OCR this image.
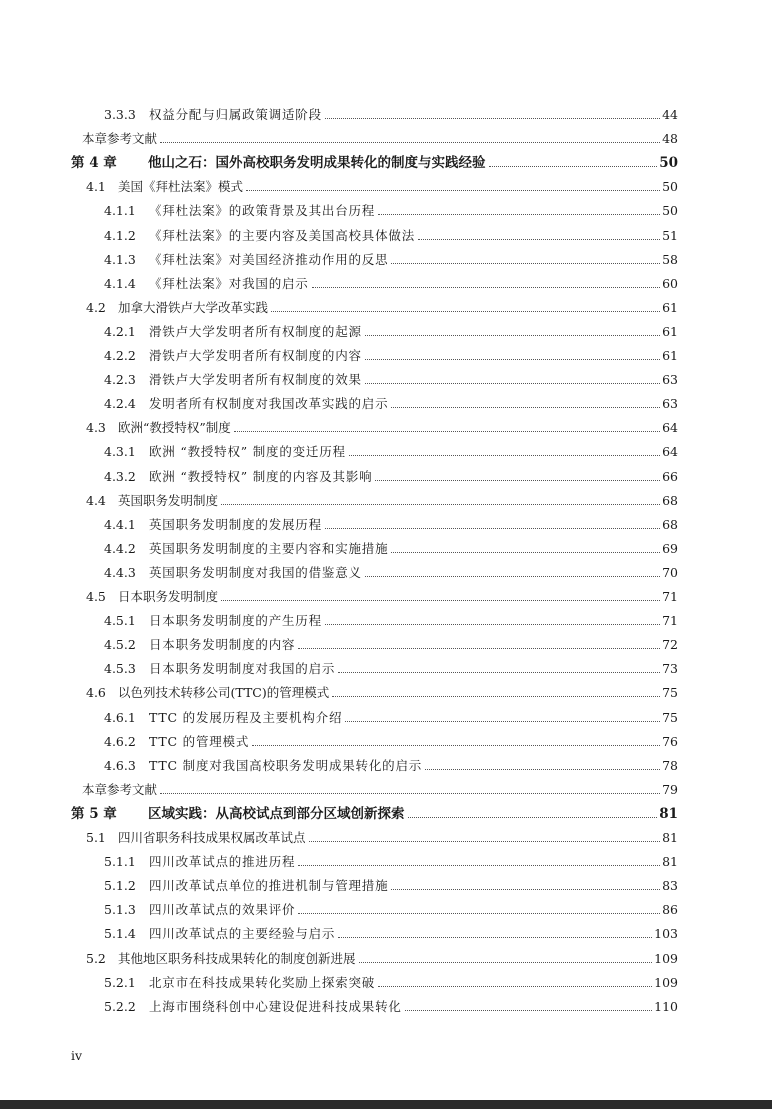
3.3.3	权益分配与归属政策调适阶段	44
本章参考文献	48
第 4 章	他山之石：国外高校职务发明成果转化的制度与实践经验	50
4.1 美国《拜杜法案》模式	50
4.1.1	《拜杜法案》的政策背景及其出台历程	50
4.1.2	《拜杜法案》的主要内容及美国高校具体做法	51
4.1.3	《拜杜法案》对美国经济推动作用的反思	58
4.1.4	《拜杜法案》对我国的启示	60
4.2 加拿大滑铁卢大学改革实践	61
4.2.1	滑铁卢大学发明者所有权制度的起源	61
4.2.2	滑铁卢大学发明者所有权制度的内容	61
4.2.3	滑铁卢大学发明者所有权制度的效果	63
4.2.4	发明者所有权制度对我国改革实践的启示	63
4.3 欧洲“教授特权”制度	64
4.3.1	欧洲 “教授特权” 制度的变迁历程	64
4.3.2	欧洲 “教授特权” 制度的内容及其影响	66
4.4 英国职务发明制度	68
4.4.1	英国职务发明制度的发展历程	68
4.4.2	英国职务发明制度的主要内容和实施措施	69
4.4.3	英国职务发明制度对我国的借鉴意义	70
4.5 日本职务发明制度	71
4.5.1	日本职务发明制度的产生历程	71
4.5.2	日本职务发明制度的内容	72
4.5.3	日本职务发明制度对我国的启示	73
4.6 以色列技术转移公司(TTC)的管理模式	75
4.6.1	TTC 的发展历程及主要机构介绍	75
4.6.2	TTC 的管理模式	76
4.6.3	TTC 制度对我国高校职务发明成果转化的启示	78
本章参考文献	79
第 5 章	区域实践：从高校试点到部分区域创新探索	81
5.1 四川省职务科技成果权属改革试点	81
5.1.1	四川改革试点的推进历程	81
5.1.2	四川改革试点单位的推进机制与管理措施	83
5.1.3	四川改革试点的效果评价	86
5.1.4	四川改革试点的主要经验与启示	103
5.2 其他地区职务科技成果转化的制度创新进展	109
5.2.1	北京市在科技成果转化奖励上探索突破	109
5.2.2	上海市围绕科创中心建设促进科技成果转化	110
iv
